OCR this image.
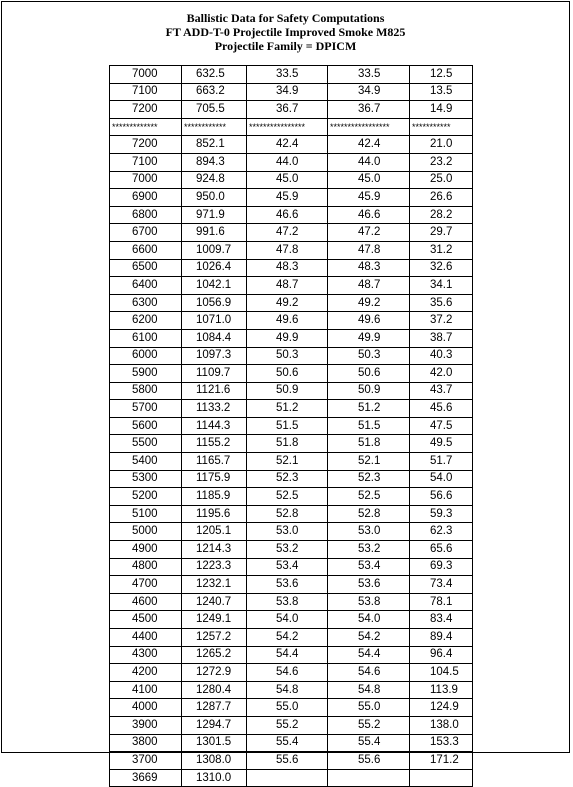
Ballistic Data for Safety Computations
FT ADD-T-0 Projectile Improved Smoke M825
Projectile Family = DPICM
7000	632.5	33.5	33.5	12.5
7100	663.2	34.9	34.9	13.5
7200	705.5	36.7	36.7	14.9
*************	************	****************	*****************	***********
7200	852.1	42.4	42.4	21.0
7100	894.3	44.0	44.0	23.2
7000	924.8	45.0	45.0	25.0
6900	950.0	45.9	45.9	26.6
6800	971.9	46.6	46.6	28.2
6700	991.6	47.2	47.2	29.7
6600	1009.7	47.8	47.8	31.2
6500	1026.4	48.3	48.3	32.6
6400	1042.1	48.7	48.7	34.1
6300	1056.9	49.2	49.2	35.6
6200	1071.0	49.6	49.6	37.2
6100	1084.4	49.9	49.9	38.7
6000	1097.3	50.3	50.3	40.3
5900	1109.7	50.6	50.6	42.0
5800	1121.6	50.9	50.9	43.7
5700	1133.2	51.2	51.2	45.6
5600	1144.3	51.5	51.5	47.5
5500	1155.2	51.8	51.8	49.5
5400	1165.7	52.1	52.1	51.7
5300	1175.9	52.3	52.3	54.0
5200	1185.9	52.5	52.5	56.6
5100	1195.6	52.8	52.8	59.3
5000	1205.1	53.0	53.0	62.3
4900	1214.3	53.2	53.2	65.6
4800	1223.3	53.4	53.4	69.3
4700	1232.1	53.6	53.6	73.4
4600	1240.7	53.8	53.8	78.1
4500	1249.1	54.0	54.0	83.4
4400	1257.2	54.2	54.2	89.4
4300	1265.2	54.4	54.4	96.4
4200	1272.9	54.6	54.6	104.5
4100	1280.4	54.8	54.8	113.9
4000	1287.7	55.0	55.0	124.9
3900	1294.7	55.2	55.2	138.0
3800	1301.5	55.4	55.4	153.3
3700	1308.0	55.6	55.6	171.2
3669	1310.0			
